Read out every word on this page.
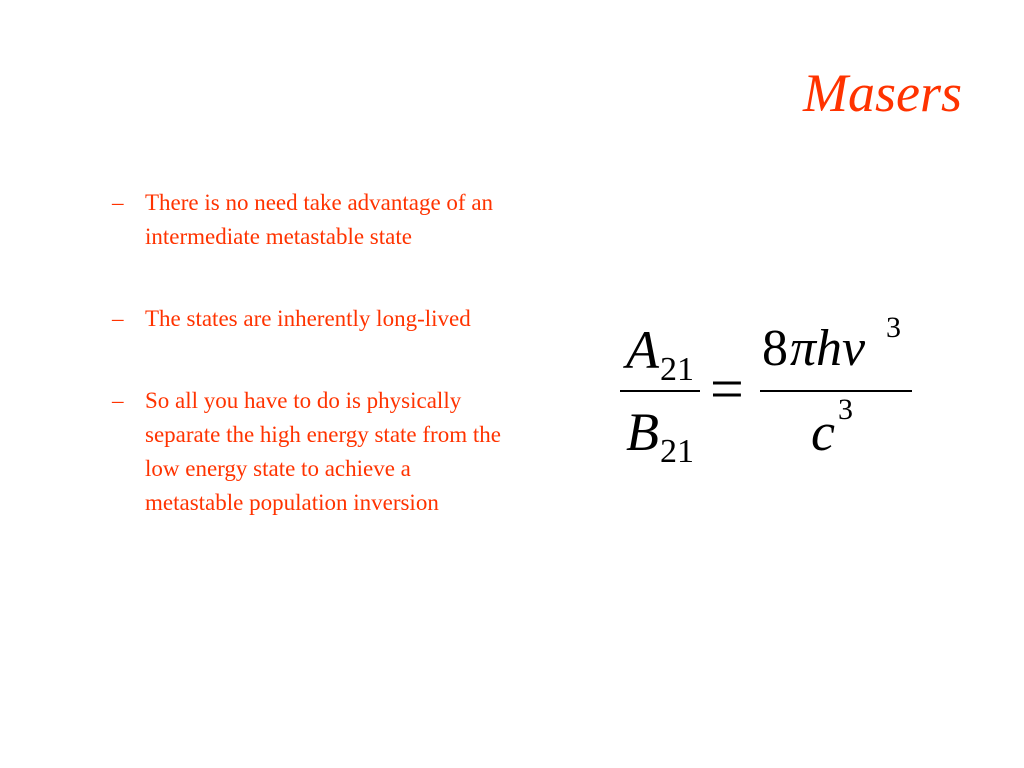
Masers
– There is no need take advantage of an intermediate metastable state
– The states are inherently long-lived
– So all you have to do is physically separate the high energy state from the low energy state to achieve a metastable population inversion
A 21
B 21
=
8 πhν 3
c 3
